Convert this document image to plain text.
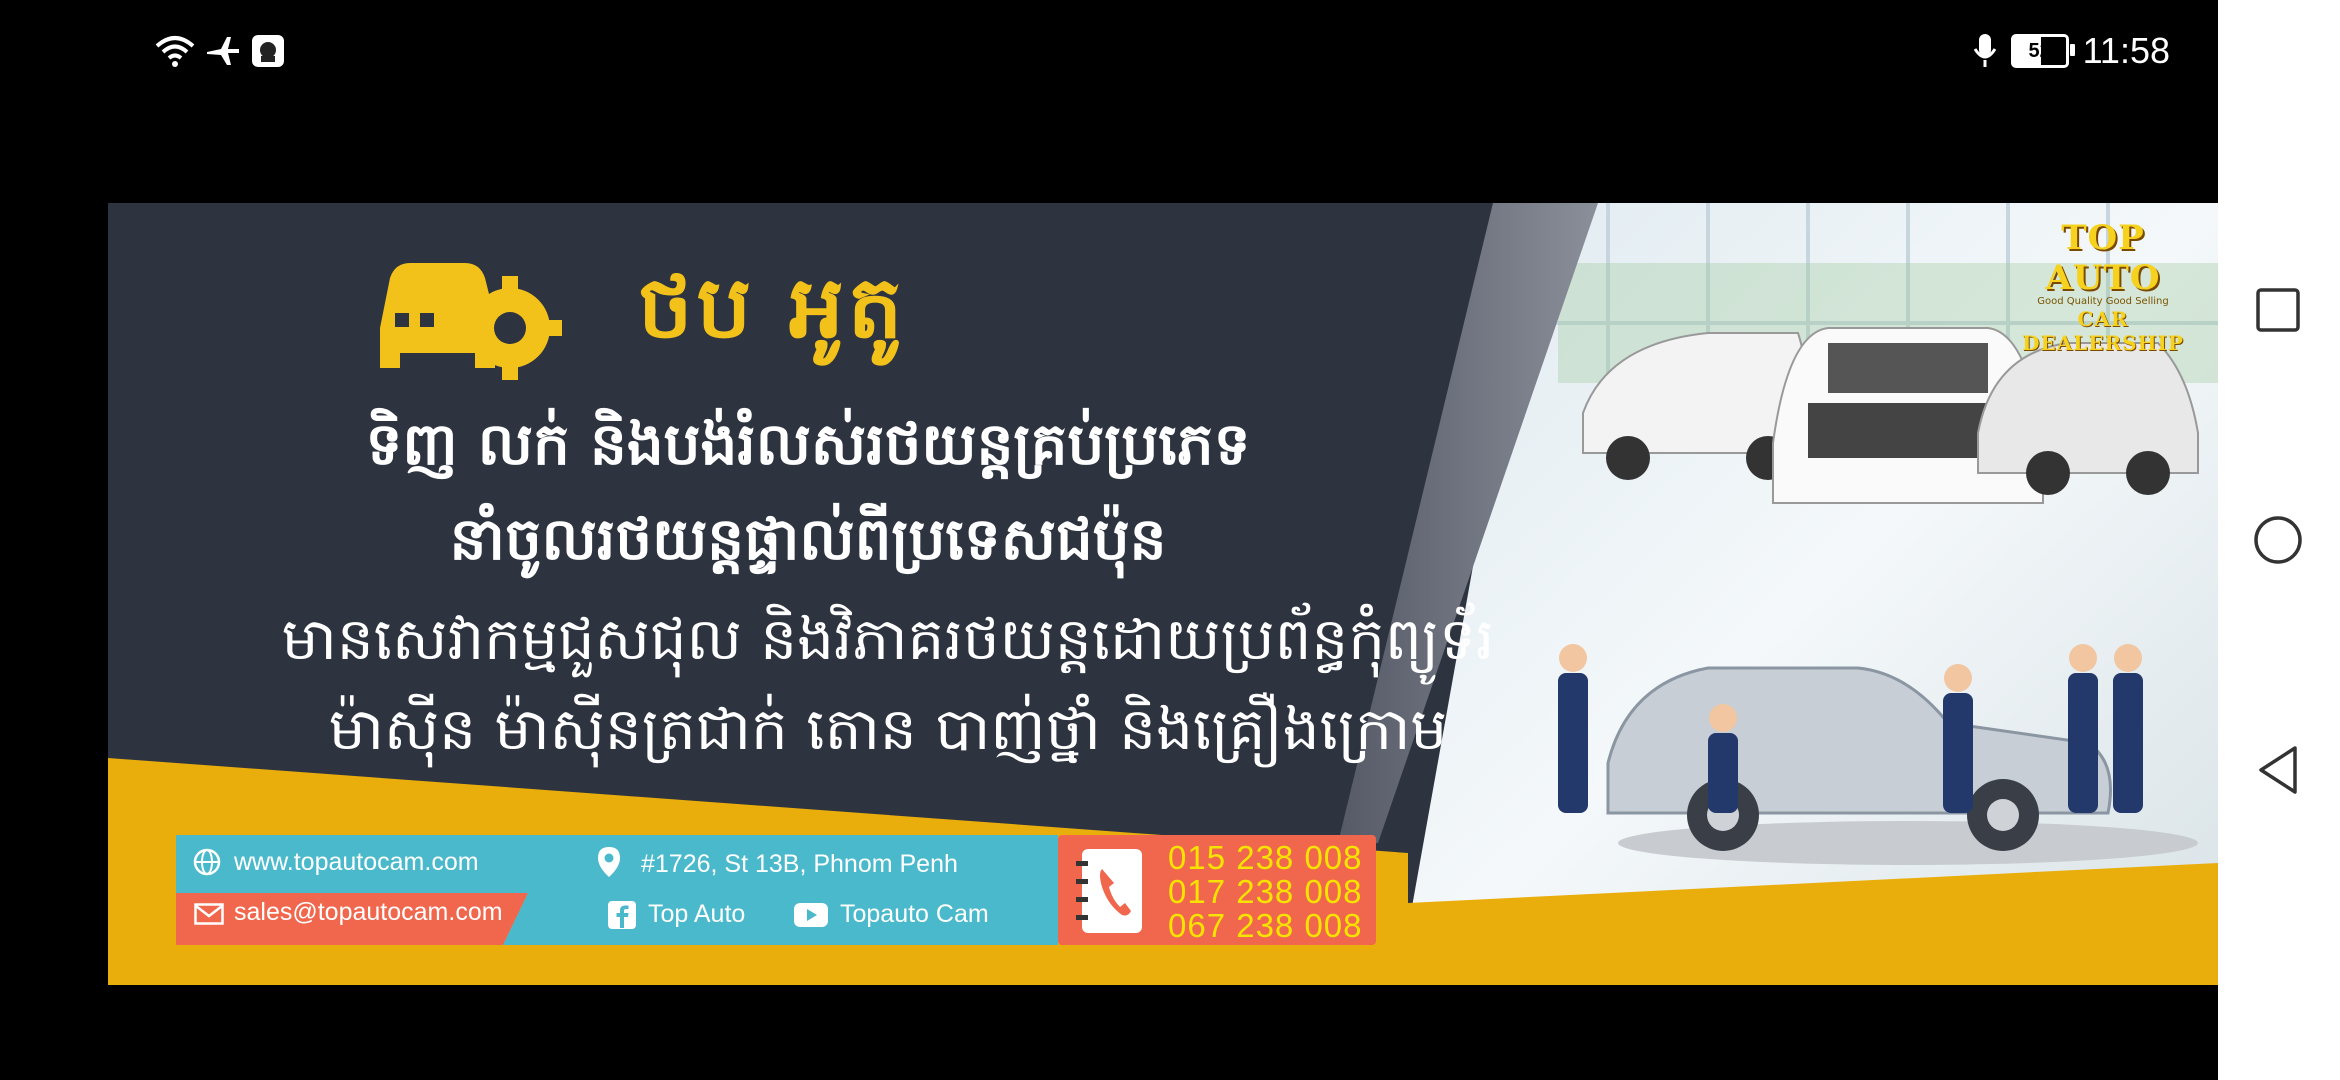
52 11:58
ថប អូតូ
ទិញ លក់ និងបង់រំលស់រថយន្តគ្រប់ប្រភេទ
នាំចូលរថយន្តផ្ទាល់ពីប្រទេសជប៉ុន
មានសេវាកម្មជួសជុល និងវិភាគរថយន្តដោយប្រព័ន្ធកុំព្យូទ័រ
ម៉ាស៊ីន ម៉ាស៊ីនត្រជាក់ តោន បាញ់ថ្នាំ និងគ្រឿងក្រោម
TOP AUTO
Good Quality Good Selling
CAR DEALERSHIP
www.topautocam.com	#1726, St 13B, Phnom Penh
sales@topautocam.com	Top Auto	Topauto Cam
015 238 008
017 238 008
067 238 008
